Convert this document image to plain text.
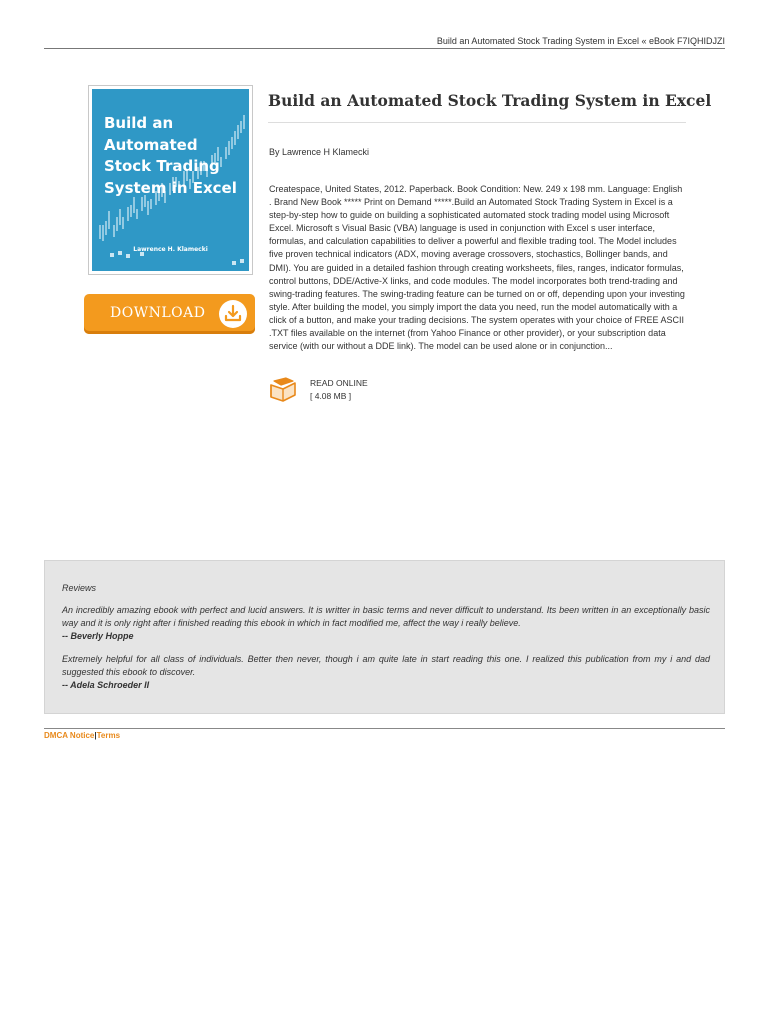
Build an Automated Stock Trading System in Excel « eBook F7IQHIDJZI
Build an
Automated
Stock Trading
System in Excel
Lawrence H. Klamecki
DOWNLOAD
Build an Automated Stock Trading System in Excel
By Lawrence H Klamecki
Createspace, United States, 2012. Paperback. Book Condition: New. 249 x 198 mm. Language: English . Brand New Book ***** Print on Demand *****.Build an Automated Stock Trading System in Excel is a step-by-step how to guide on building a sophisticated automated stock trading model using Microsoft Excel. Microsoft s Visual Basic (VBA) language is used in conjunction with Excel s user interface, formulas, and calculation capabilities to deliver a powerful and flexible trading tool. The Model includes five proven technical indicators (ADX, moving average crossovers, stochastics, Bollinger bands, and DMI). You are guided in a detailed fashion through creating worksheets, files, ranges, indicator formulas, control buttons, DDE/Active-X links, and code modules. The model incorporates both trend-trading and swing-trading features. The swing-trading feature can be turned on or off, depending upon your investing style. After building the model, you simply import the data you need, run the model automatically with a click of a button, and make your trading decisions. The system operates with your choice of FREE ASCII .TXT files available on the internet (from Yahoo Finance or other provider), or your subscription data service (with our without a DDE link). The model can be used alone or in conjunction...
READ ONLINE
[ 4.08 MB ]
Reviews
An incredibly amazing ebook with perfect and lucid answers. It is writter in basic terms and never difficult to understand. Its been written in an exceptionally basic way and it is only right after i finished reading this ebook in which in fact modified me, affect the way i really believe.
-- Beverly Hoppe
Extremely helpful for all class of individuals. Better then never, though i am quite late in start reading this one. I realized this publication from my i and dad suggested this ebook to discover.
-- Adela Schroeder II
DMCA Notice|Terms
